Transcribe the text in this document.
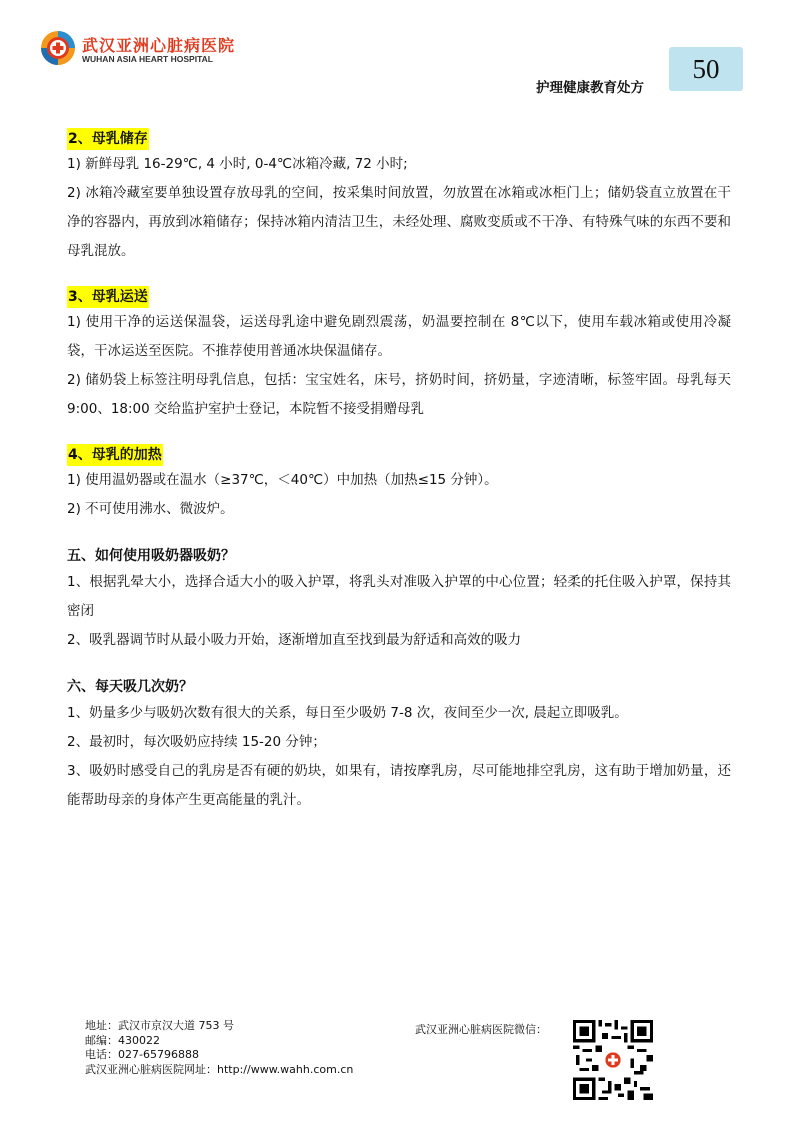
武汉亚洲心脏病医院
WUHAN ASIA HEART HOSPITAL
护理健康教育处方
50
2、母乳储存

1) 新鲜母乳 16-29℃, 4 小时, 0-4℃冰箱冷藏, 72 小时;

2) 冰箱冷藏室要单独设置存放母乳的空间，按采集时间放置，勿放置在冰箱或冰柜门上；储奶袋直立放置在干净的容器内，再放到冰箱储存；保持冰箱内清洁卫生，未经处理、腐败变质或不干净、有特殊气味的东西不要和母乳混放。

3、母乳运送

1) 使用干净的运送保温袋，运送母乳途中避免剧烈震荡，奶温要控制在 8℃以下，使用车载冰箱或使用冷凝袋，干冰运送至医院。不推荐使用普通冰块保温储存。

2) 储奶袋上标签注明母乳信息，包括：宝宝姓名，床号，挤奶时间，挤奶量，字迹清晰，标签牢固。母乳每天 9:00、18:00 交给监护室护士登记，本院暂不接受捐赠母乳

4、母乳的加热

1) 使用温奶器或在温水（≥37℃，＜40℃）中加热（加热≤15 分钟）。

2) 不可使用沸水、微波炉。

五、如何使用吸奶器吸奶？

1、根据乳晕大小，选择合适大小的吸入护罩，将乳头对准吸入护罩的中心位置；轻柔的托住吸入护罩，保持其密闭

2、吸乳器调节时从最小吸力开始，逐渐增加直至找到最为舒适和高效的吸力

六、每天吸几次奶？

1、奶量多少与吸奶次数有很大的关系，每日至少吸奶 7-8 次，夜间至少一次, 晨起立即吸乳。

2、最初时，每次吸奶应持续 15-20 分钟；

3、吸奶时感受自己的乳房是否有硬的奶块，如果有，请按摩乳房，尽可能地排空乳房，这有助于增加奶量，还能帮助母亲的身体产生更高能量的乳汁。

地址：武汉市京汉大道 753 号
邮编：430022
电话：027-65796888
武汉亚洲心脏病医院网址：http://www.wahh.com.cn
武汉亚洲心脏病医院微信：
